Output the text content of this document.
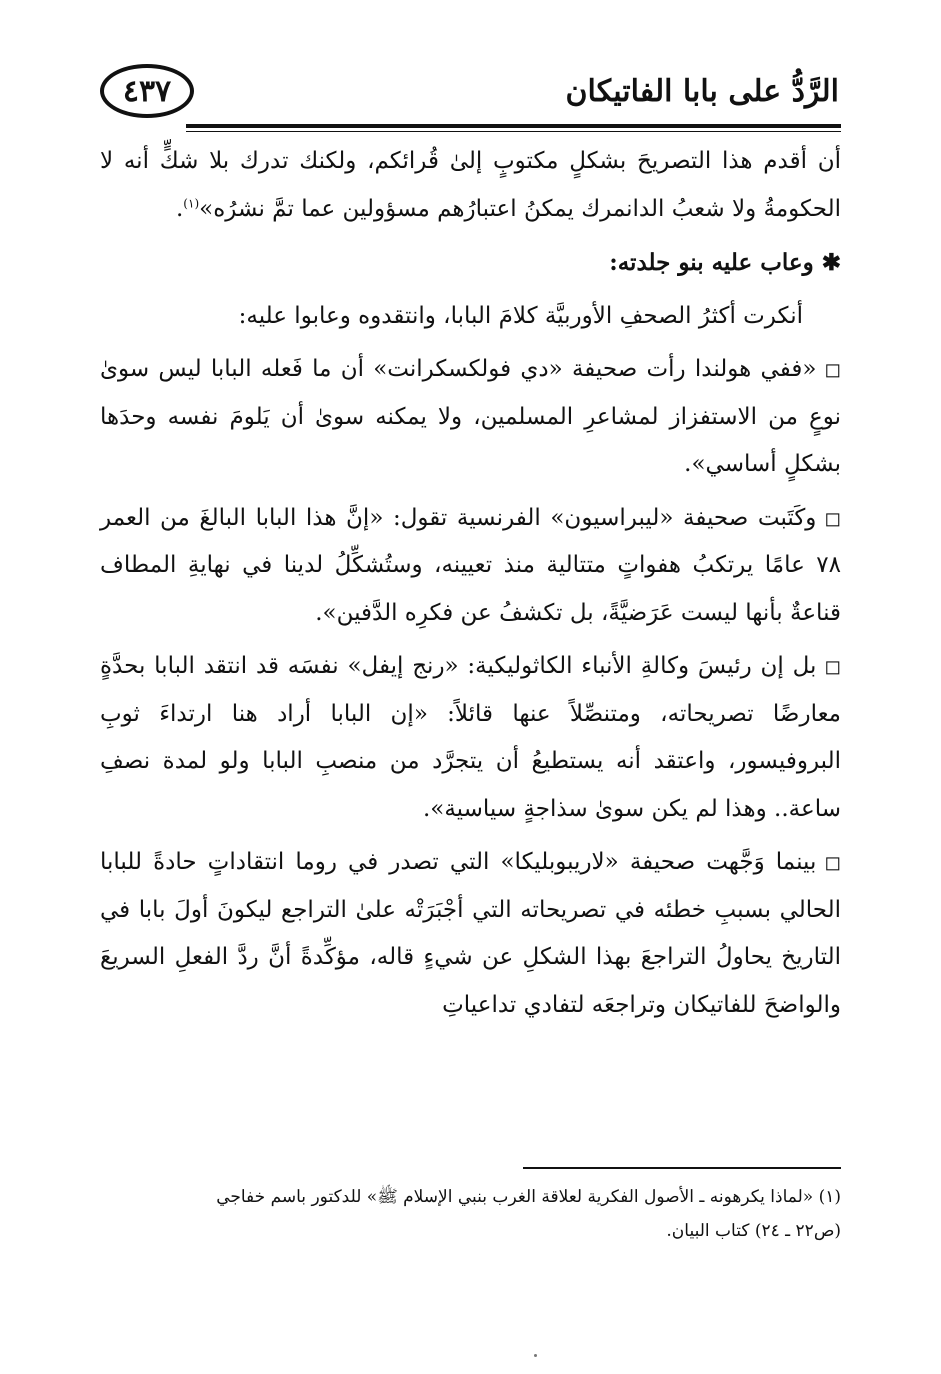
الرَّدُّ على بابا الفاتيكان
٤٣٧

أن أقدم هذا التصريحَ بشكلٍ مكتوبٍ إلىٰ قُرائكم، ولكنك تدرك بلا شكٍّ أنه لا الحكومةُ ولا شعبُ الدانمرك يمكنُ اعتبارُهم مسؤولين عما تمَّ نشرُه»$^{(١)}$.

✱وعاب عليه بنو جلدته:

أنكرت أكثرُ الصحفِ الأوربيَّة كلامَ البابا، وانتقدوه وعابوا عليه:

◻«ففي هولندا رأت صحيفة «دي فولكسكرانت» أن ما فَعله البابا ليس سوىٰ نوعٍ من الاستفزاز لمشاعرِ المسلمين، ولا يمكنه سوىٰ أن يَلومَ نفسه وحدَها بشكلٍ أساسي».

◻وكَتَبت صحيفة «ليبراسيون» الفرنسية تقول: «إنَّ هذا البابا البالغَ من العمر ٧٨ عامًا يرتكبُ هفواتٍ متتالية منذ تعيينه، وستُشكِّلُ لدينا في نهايةِ المطاف قناعةٌ بأنها ليست عَرَضيَّةً، بل تكشفُ عن فكرِه الدَّفين».

◻بل إن رئيسَ وكالةِ الأنباء الكاثوليكية: «رنج إيفل» نفسَه قد انتقد البابا بحدَّةٍ معارضًا تصريحاته، ومتنصِّلاً عنها قائلاً: «إن البابا أراد هنا ارتداءَ ثوبِ البروفيسور، واعتقد أنه يستطيعُ أن يتجرَّد من منصبِ البابا ولو لمدة نصفِ ساعة.. وهذا لم يكن سوىٰ سذاجةٍ سياسية».

◻بينما وَجَّهت صحيفة «لاريبوبليكا» التي تصدر في روما انتقاداتٍ حادةً للبابا الحالي بسببِ خطئه في تصريحاته التي أجْبَرَتْه علىٰ التراجع ليكونَ أولَ بابا في التاريخ يحاولُ التراجعَ بهذا الشكلِ عن شيءٍ قاله، مؤكِّدةً أنَّ ردَّ الفعلِ السريعَ والواضحَ للفاتيكان وتراجعَه لتفادي تداعياتِ

(١) «لماذا يكرهونه ـ الأصول الفكرية لعلاقة الغرب بنبي الإسلام ﷺ» للدكتور باسم خفاجي

(ص٢٢ ـ ٢٤) كتاب البيان.
